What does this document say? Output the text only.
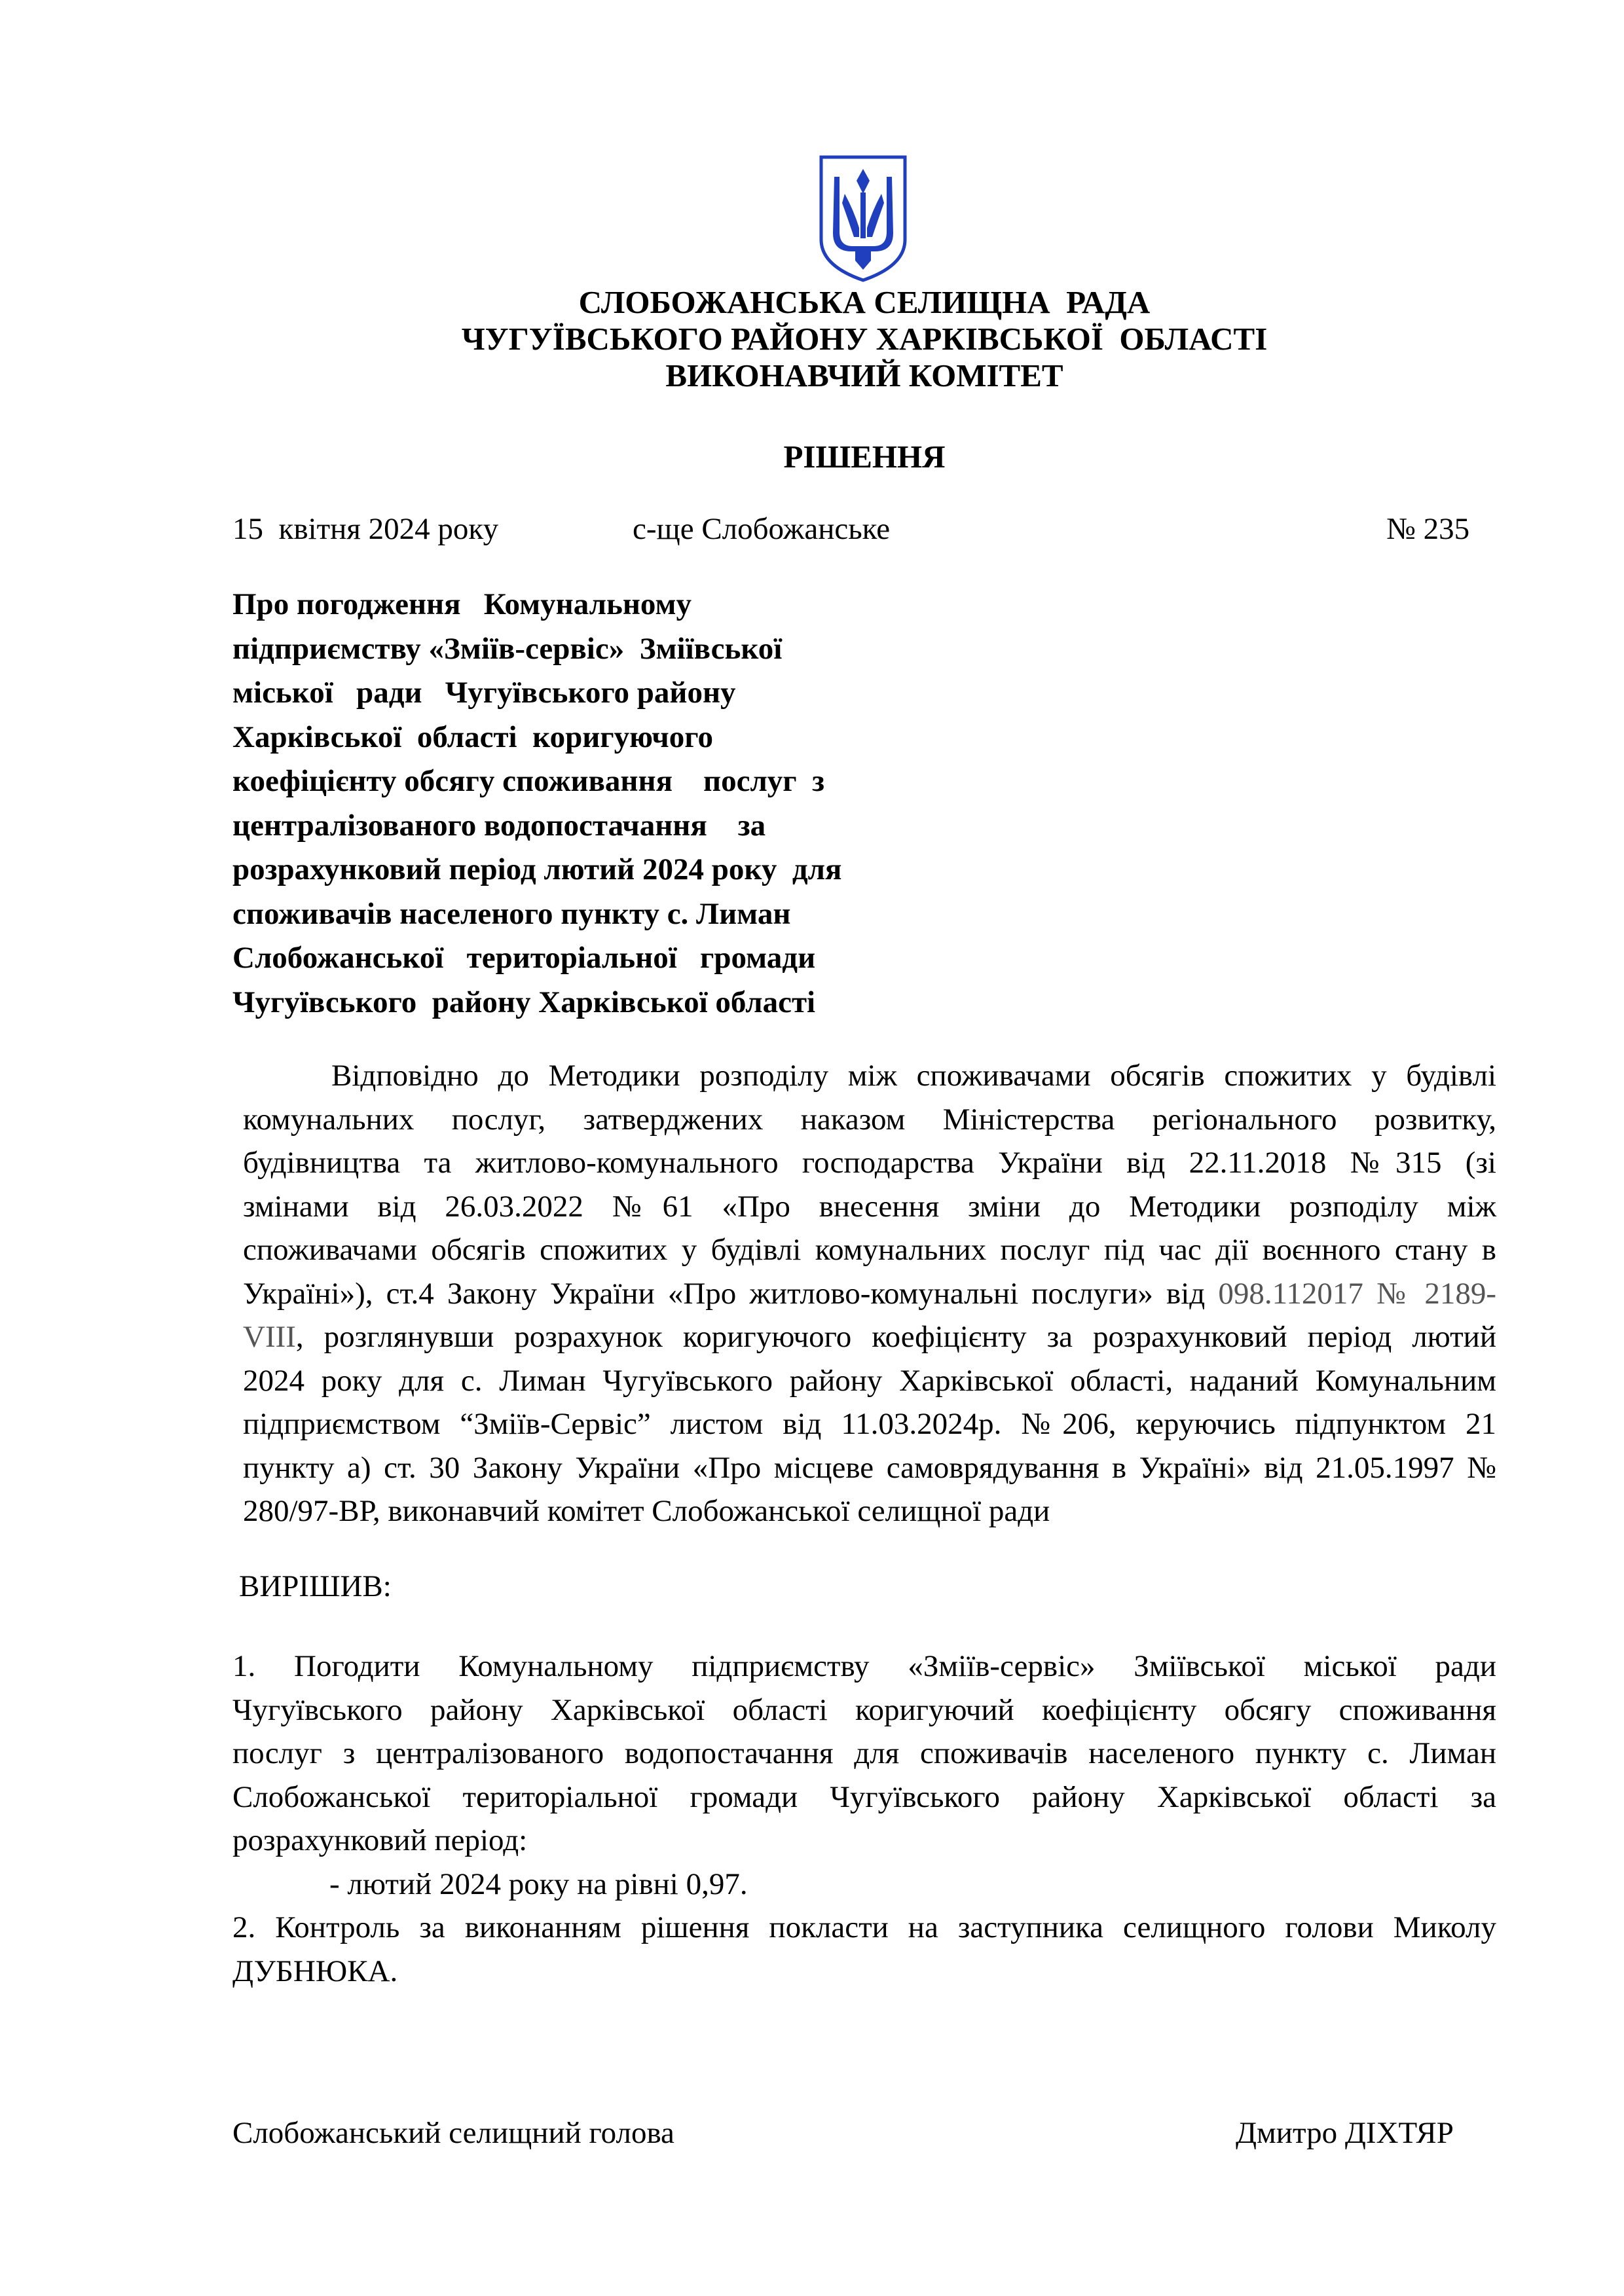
СЛОБОЖАНСЬКА СЕЛИЩНА  РАДА
ЧУГУЇВСЬКОГО РАЙОНУ ХАРКІВСЬКОЇ  ОБЛАСТІ
ВИКОНАВЧИЙ КОМІТЕТ
РІШЕННЯ
15  квітня 2024 року	с-ще Слобожанське	№ 235
Про погодження   Комунальному
підприємству «Зміїв-сервіс»  Зміївської
міської   ради   Чугуївського району
Харківської  області  коригуючого
коефіцієнту обсягу споживання    послуг  з
централізованого водопостачання    за
розрахунковий період лютий 2024 року  для
споживачів населеного пункту с. Лиман
Слобожанської   територіальної   громади
Чугуївського  району Харківської області
Відповідно до Методики розподілу між споживачами обсягів спожитих у будівлі
комунальних послуг, затверджених наказом Міністерства регіонального розвитку,
будівництва та житлово-комунального господарства України від 22.11.2018 №315 (зі
змінами від 26.03.2022 №61 «Про внесення зміни до Методики розподілу між
споживачами обсягів спожитих у будівлі комунальних послуг під час дії воєнного стану в
Україні»), ст.4 Закону України «Про житлово-комунальні послуги» від 098.112017 № 2189-
VIII, розглянувши розрахунок коригуючого коефіцієнту за розрахунковий період лютий
2024 року для с. Лиман Чугуївського району Харківської області, наданий Комунальним
підприємством “Зміїв-Сервіс” листом від 11.03.2024р. №206, керуючись підпунктом 21
пункту а) ст. 30 Закону України «Про місцеве самоврядування в Україні» від 21.05.1997 №
280/97-ВР, виконавчий комітет Слобожанської селищної ради
ВИРІШИВ:
1. Погодити Комунальному підприємству «Зміїв-сервіс» Зміївської міської ради
Чугуївського району Харківської області коригуючий коефіцієнту обсягу споживання
послуг з централізованого водопостачання для споживачів населеного пункту с. Лиман
Слобожанської територіальної громади Чугуївського району Харківської області за
розрахунковий період:
- лютий 2024 року на рівні 0,97.
2. Контроль за виконанням рішення покласти на заступника селищного голови Миколу
ДУБНЮКА.
Слобожанський селищний голова	Дмитро ДІХТЯР
